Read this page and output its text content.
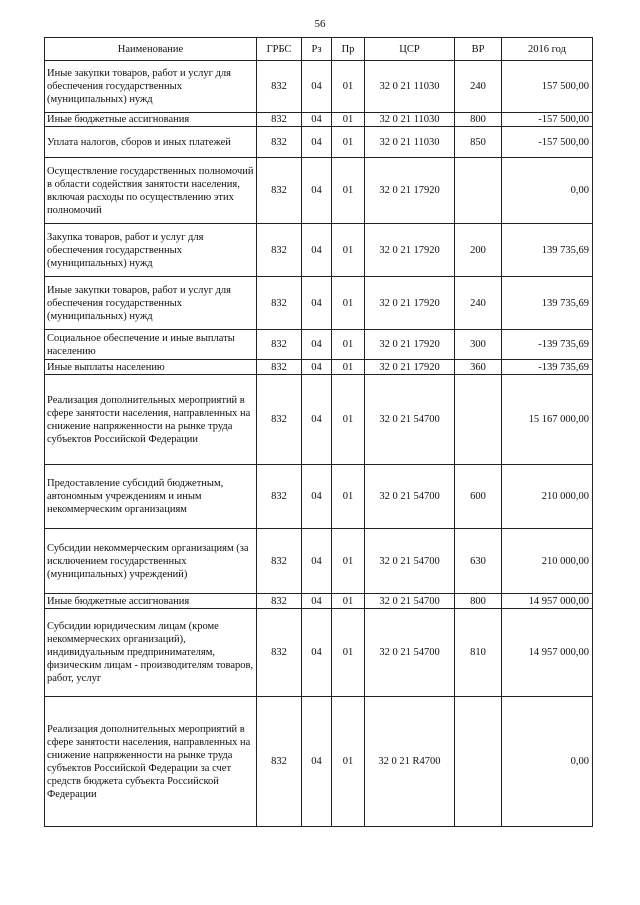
56
Наименование	ГРБС	Рз	Пр	ЦСР	ВР	2016 год
Иные закупки товаров, работ и услуг для обеспечения государственных (муниципальных) нужд	832	04	01	32 0 21 11030	240	157 500,00
Иные бюджетные ассигнования	832	04	01	32 0 21 11030	800	-157 500,00
Уплата налогов, сборов и иных платежей	832	04	01	32 0 21 11030	850	-157 500,00
Осуществление государственных полномочий в области содействия занятости населения, включая расходы по осуществлению этих полномочий	832	04	01	32 0 21 17920		0,00
Закупка товаров, работ и услуг для обеспечения государственных (муниципальных) нужд	832	04	01	32 0 21 17920	200	139 735,69
Иные закупки товаров, работ и услуг для обеспечения государственных (муниципальных) нужд	832	04	01	32 0 21 17920	240	139 735,69
Социальное обеспечение и иные выплаты населению	832	04	01	32 0 21 17920	300	-139 735,69
Иные выплаты населению	832	04	01	32 0 21 17920	360	-139 735,69
Реализация дополнительных мероприятий в сфере занятости населения, направленных на снижение напряженности на рынке труда субъектов Российской Федерации	832	04	01	32 0 21 54700		15 167 000,00
Предоставление субсидий бюджетным, автономным учреждениям и иным некоммерческим организациям	832	04	01	32 0 21 54700	600	210 000,00
Субсидии некоммерческим организациям (за исключением государственных (муниципальных) учреждений)	832	04	01	32 0 21 54700	630	210 000,00
Иные бюджетные ассигнования	832	04	01	32 0 21 54700	800	14 957 000,00
Субсидии юридическим лицам (кроме некоммерческих организаций), индивидуальным предпринимателям, физическим лицам - производителям товаров, работ, услуг	832	04	01	32 0 21 54700	810	14 957 000,00
Реализация дополнительных мероприятий в сфере занятости населения, направленных на снижение напряженности на рынке труда субъектов Российской Федерации за счет средств бюджета субъекта Российской Федерации	832	04	01	32 0 21 R4700		0,00
